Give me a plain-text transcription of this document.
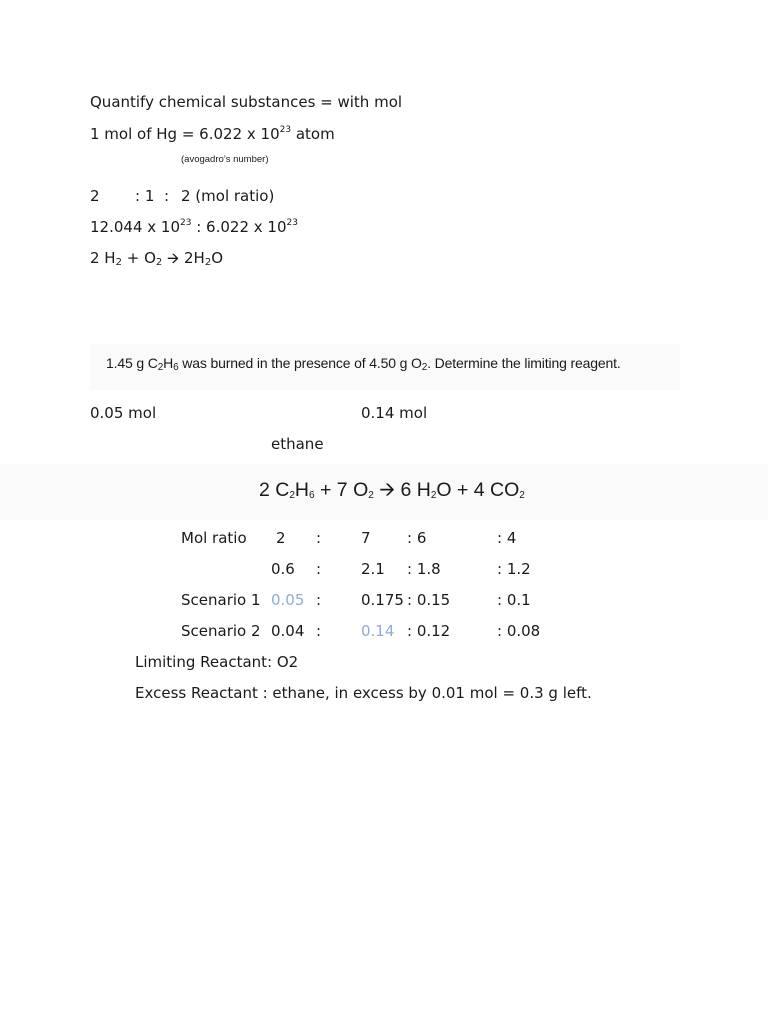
Quantify chemical substances = with mol

1 mol of Hg = 6.022 x $10^{23}$ atom

(avogadro’s number)

2 : 1 : 2 (mol ratio)

12.044 x $10^{23}$ : 6.022 x $10^{23}$

2 $H_2 + O_2$ 🡪 $2H_2O$

1.45 g $C_2H_6$ was burned in the presence of 4.50 g $O_2$. Determine the limiting reagent.

0.05 mol	0.14 mol

ethane

2 $C_2H_6 + 7$ $O_2$ 🡪 6 $H_2O + 4$ $CO_2$

Mol ratio 2 :	7 : 6	: 4

0.6 :	2.1 : 1.8	: 1.2

Scenario 1 0.05 :	0.175 : 0.15	: 0.1

Scenario 2 0.04 :	0.14 : 0.12	: 0.08

Limiting Reactant: O2

Excess Reactant : ethane, in excess by 0.01 mol = 0.3 g left.
